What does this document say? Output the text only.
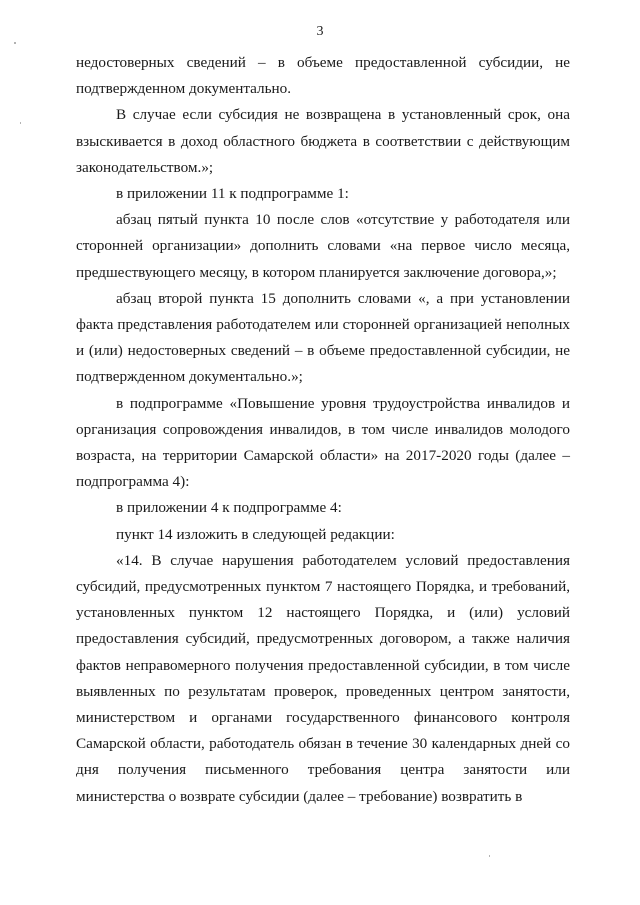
3

недостоверных сведений – в объеме предоставленной субсидии, не подтвержденном документально.

В случае если субсидия не возвращена в установленный срок, она взыскивается в доход областного бюджета в соответствии с действующим законодательством.»;

в приложении 11 к подпрограмме 1:

абзац пятый пункта 10 после слов «отсутствие у работодателя или сторонней организации» дополнить словами «на первое число месяца, предшествующего месяцу, в котором планируется заключение договора,»;

абзац второй пункта 15 дополнить словами «, а при установлении факта представления работодателем или сторонней организацией неполных и (или) недостоверных сведений – в объеме предоставленной субсидии, не подтвержденном документально.»;

в подпрограмме «Повышение уровня трудоустройства инвалидов и организация сопровождения инвалидов, в том числе инвалидов молодого возраста, на территории Самарской области» на 2017-2020 годы (далее – подпрограмма 4):

в приложении 4 к подпрограмме 4:

пункт 14 изложить в следующей редакции:

«14. В случае нарушения работодателем условий предоставления субсидий, предусмотренных пунктом 7 настоящего Порядка, и требований, установленных пунктом 12 настоящего Порядка, и (или) условий предоставления субсидий, предусмотренных договором, а также наличия фактов неправомерного получения предоставленной субсидии, в том числе выявленных по результатам проверок, проведенных центром занятости, министерством и органами государственного финансового контроля Самарской области, работодатель обязан в течение 30 календарных дней со дня получения письменного требования центра занятости или министерства о возврате субсидии (далее – требование) возвратить в
